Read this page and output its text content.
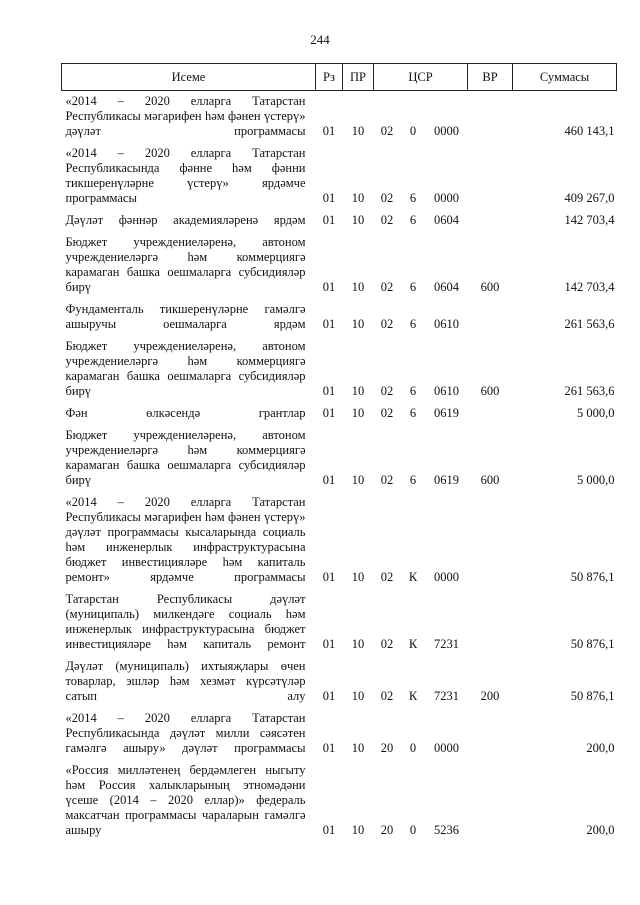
244
Исеме	Рз	ПР	ЦСР			ВР	Суммасы

«2014 – 2020 елларга Татарстан Республикасы мәгарифен һәм фәнен үстерү» дәүләт программасы	01	10	02	0	0000		460 143,1

«2014 – 2020 елларга Татарстан Республикасында фәнне һәм фәнни тикшеренүләрне үстерү» ярдәмче программасы	01	10	02	6	0000		409 267,0

Дәүләт фәннәр академияләренә ярдәм	01	10	02	6	0604		142 703,4

Бюджет учреждениеләренә, автоном учреждениеләргә һәм коммерциягә карамаган башка оешмаларга субсидияләр бирү	01	10	02	6	0604	600	142 703,4

Фундаменталь тикшеренүләрне гамәлгә ашыручы оешмаларга ярдәм	01	10	02	6	0610		261 563,6

Бюджет учреждениеләренә, автоном учреждениеләргә һәм коммерциягә карамаган башка оешмаларга субсидияләр бирү	01	10	02	6	0610	600	261 563,6

Фән өлкәсендә грантлар	01	10	02	6	0619		5 000,0

Бюджет учреждениеләренә, автоном учреждениеләргә һәм коммерциягә карамаган башка оешмаларга субсидияләр бирү	01	10	02	6	0619	600	5 000,0

«2014 – 2020 елларга Татарстан Республикасы мәгарифен һәм фәнен үстерү» дәүләт программасы кысаларында социаль һәм инженерлык инфраструктурасына бюджет инвестицияләре һәм капиталь ремонт» ярдәмче программасы	01	10	02	К	0000		50 876,1

Татарстан Республикасы дәүләт (муниципаль) милкендәге социаль һәм инженерлык инфраструктурасына бюджет инвестицияләре һәм капиталь ремонт	01	10	02	К	7231		50 876,1

Дәүләт (муниципаль) ихтыяҗлары өчен товарлар, эшләр һәм хезмәт күрсәтүләр сатып алу	01	10	02	К	7231	200	50 876,1

«2014 – 2020 елларга Татарстан Республикасында дәүләт милли сәясәтен гамәлгә ашыру» дәүләт программасы	01	10	20	0	0000		200,0

«Россия милләтенең бердәмлеген ныгыту һәм Россия халыкларының этномәдәни үсеше (2014 – 2020 еллар)» федераль максатчан программасы чараларын гамәлгә ашыру	01	10	20	0	5236		200,0
